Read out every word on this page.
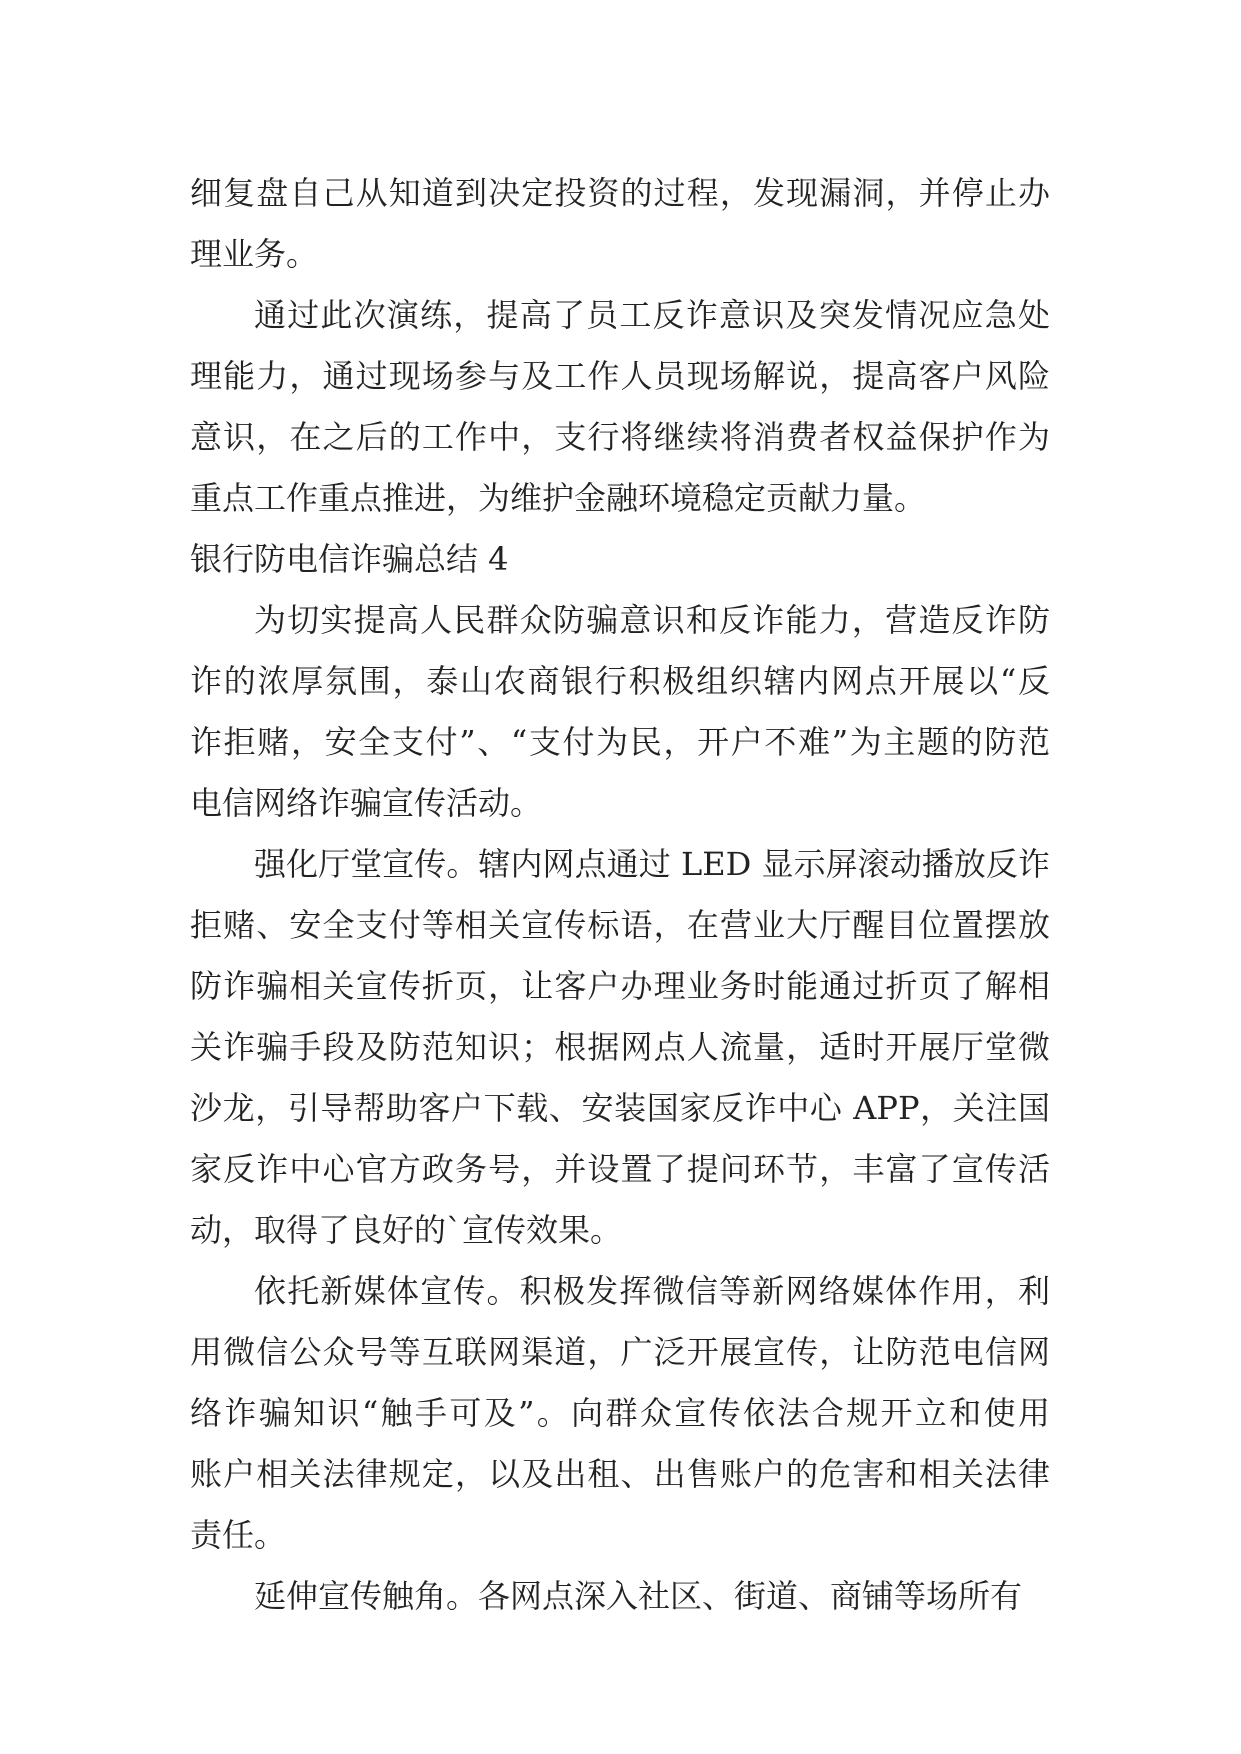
细复盘自己从知道到决定投资的过程，发现漏洞，并停止办
理业务。
通过此次演练，提高了员工反诈意识及突发情况应急处
理能力，通过现场参与及工作人员现场解说，提高客户风险
意识，在之后的工作中，支行将继续将消费者权益保护作为
重点工作重点推进，为维护金融环境稳定贡献力量。
银行防电信诈骗总结 4
为切实提高人民群众防骗意识和反诈能力，营造反诈防
诈的浓厚氛围，泰山农商银行积极组织辖内网点开展以“反
诈拒赌，安全支付”、“支付为民，开户不难”为主题的防范
电信网络诈骗宣传活动。
强化厅堂宣传。辖内网点通过 LED 显示屏滚动播放反诈
拒赌、安全支付等相关宣传标语，在营业大厅醒目位置摆放
防诈骗相关宣传折页，让客户办理业务时能通过折页了解相
关诈骗手段及防范知识；根据网点人流量，适时开展厅堂微
沙龙，引导帮助客户下载、安装国家反诈中心 APP，关注国
家反诈中心官方政务号，并设置了提问环节，丰富了宣传活
动，取得了良好的`宣传效果。
依托新媒体宣传。积极发挥微信等新网络媒体作用，利
用微信公众号等互联网渠道，广泛开展宣传，让防范电信网
络诈骗知识“触手可及”。向群众宣传依法合规开立和使用
账户相关法律规定，以及出租、出售账户的危害和相关法律
责任。
延伸宣传触角。各网点深入社区、街道、商铺等场所有
